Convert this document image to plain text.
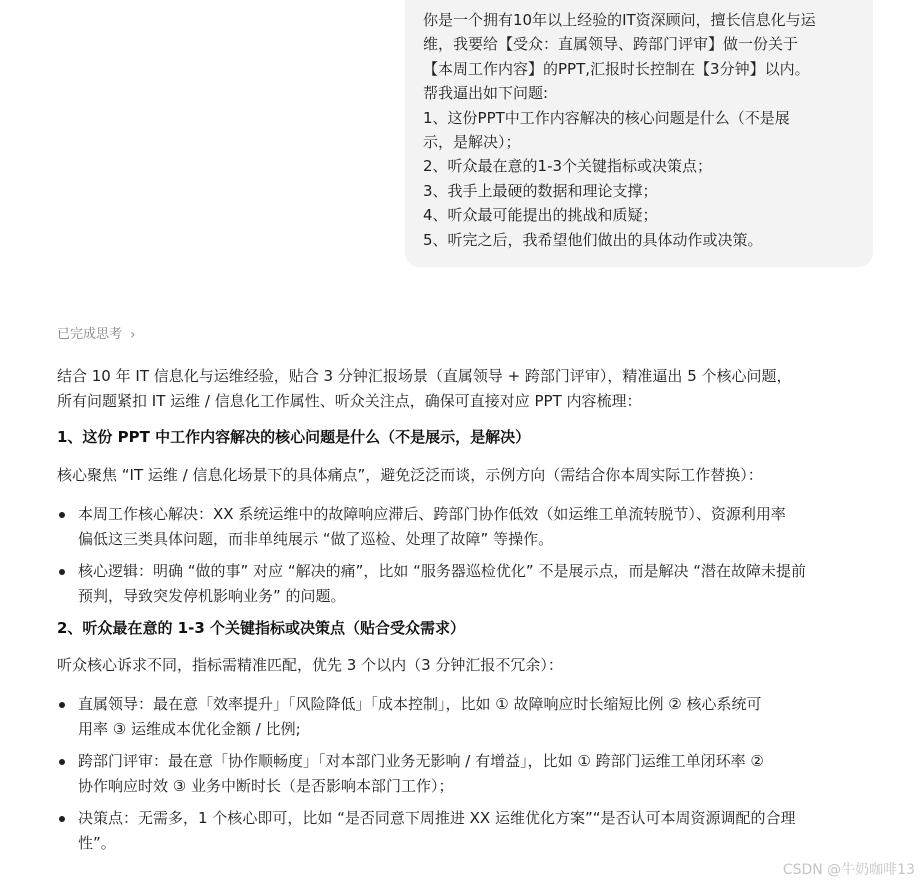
你是一个拥有10年以上经验的IT资深顾问，擅长信息化与运
维，我要给【受众：直属领导、跨部门评审】做一份关于
【本周工作内容】的PPT,汇报时长控制在【3分钟】以内。
帮我逼出如下问题:
1、这份PPT中工作内容解决的核心问题是什么（不是展
示，是解决）；
2、听众最在意的1-3个关键指标或决策点；
3、我手上最硬的数据和理论支撑；
4、听众最可能提出的挑战和质疑；
5、听完之后，我希望他们做出的具体动作或决策。
已完成思考 ›

结合 10 年 IT 信息化与运维经验，贴合 3 分钟汇报场景（直属领导 + 跨部门评审），精准逼出 5 个核心问题，
所有问题紧扣 IT 运维 / 信息化工作属性、听众关注点，确保可直接对应 PPT 内容梳理：

1、这份 PPT 中工作内容解决的核心问题是什么（不是展示，是解决）

核心聚焦 “IT 运维 / 信息化场景下的具体痛点”，避免泛泛而谈，示例方向（需结合你本周实际工作替换）：

本周工作核心解决：XX 系统运维中的故障响应滞后、跨部门协作低效（如运维工单流转脱节）、资源利用率
偏低这三类具体问题，而非单纯展示 “做了巡检、处理了故障” 等操作。
核心逻辑：明确 “做的事” 对应 “解决的痛”，比如 “服务器巡检优化” 不是展示点，而是解决 “潜在故障未提前
预判，导致突发停机影响业务” 的问题。
2、听众最在意的 1-3 个关键指标或决策点（贴合受众需求）

听众核心诉求不同，指标需精准匹配，优先 3 个以内（3 分钟汇报不冗余）：

直属领导：最在意「效率提升」「风险降低」「成本控制」，比如 ① 故障响应时长缩短比例 ② 核心系统可
用率 ③ 运维成本优化金额 / 比例;
跨部门评审：最在意「协作顺畅度」「对本部门业务无影响 / 有增益」，比如 ① 跨部门运维工单闭环率 ②
协作响应时效 ③ 业务中断时长（是否影响本部门工作）；
决策点：无需多，1 个核心即可，比如 “是否同意下周推进 XX 运维优化方案”“是否认可本周资源调配的合理
性”。
CSDN @牛奶咖啡13
